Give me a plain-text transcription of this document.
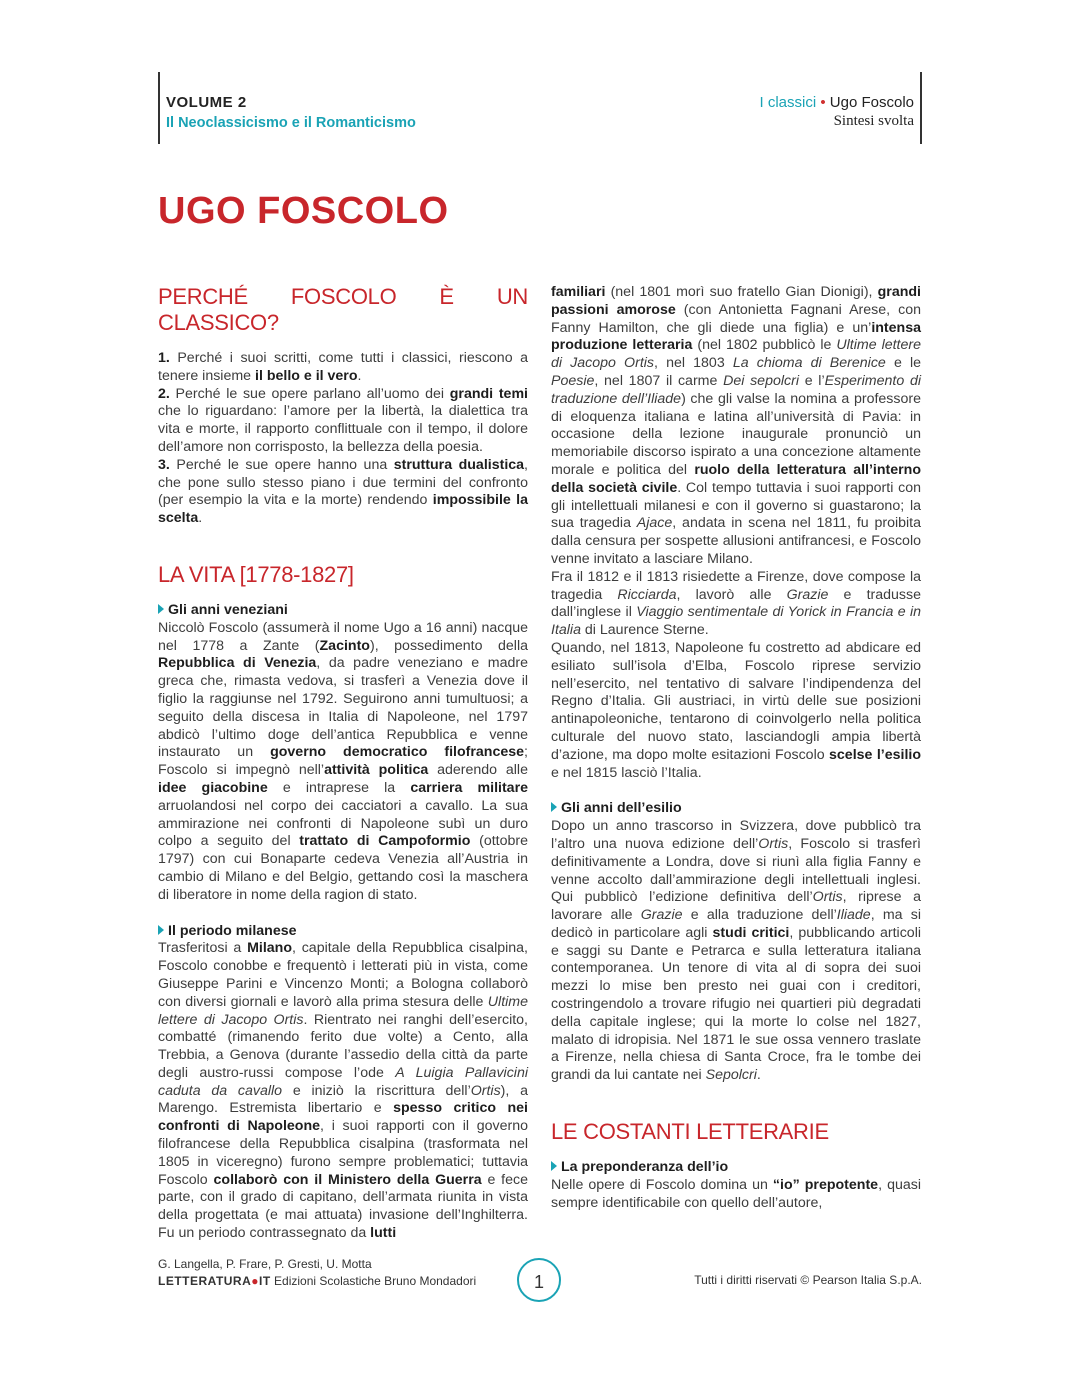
VOLUME 2
Il Neoclassicismo e il Romanticismo
I classici • Ugo Foscolo
Sintesi svolta
UGO FOSCOLO
PERCHÉ FOSCOLO È UN CLASSICO?

1. Perché i suoi scritti, come tutti i classici, riescono a tenere insieme il bello e il vero.

2. Perché le sue opere parlano all’uomo dei grandi temi che lo riguardano: l’amore per la libertà, la dialettica tra vita e morte, il rapporto conflittuale con il tempo, il dolore dell’amore non corrisposto, la bellezza della poesia.

3. Perché le sue opere hanno una struttura dualistica, che pone sullo stesso piano i due termini del confronto (per esempio la vita e la morte) rendendo impossibile la scelta.

LA VITA [1778-1827]

Gli anni veneziani

Niccolò Foscolo (assumerà il nome Ugo a 16 anni) nacque nel 1778 a Zante (Zacinto), possedimento della Repubblica di Venezia, da padre veneziano e madre greca che, rimasta vedova, si trasferì a Venezia dove il figlio la raggiunse nel 1792. Seguirono anni tumultuosi; a seguito della discesa in Italia di Napoleone, nel 1797 abdicò l’ultimo doge dell’antica Repubblica e venne instaurato un governo democratico filofrancese; Foscolo si impegnò nell’attività politica aderendo alle idee giacobine e intraprese la carriera militare arruolandosi nel corpo dei cacciatori a cavallo. La sua ammirazione nei confronti di Napoleone subì un duro colpo a seguito del trattato di Campoformio (ottobre 1797) con cui Bonaparte cedeva Venezia all’Austria in cambio di Milano e del Belgio, gettando così la maschera di liberatore in nome della ragion di stato.

Il periodo milanese

Trasferitosi a Milano, capitale della Repubblica cisalpina, Foscolo conobbe e frequentò i letterati più in vista, come Giuseppe Parini e Vincenzo Monti; a Bologna collaborò con diversi giornali e lavorò alla prima stesura delle Ultime lettere di Jacopo Ortis. Rientrato nei ranghi dell’esercito, combatté (rimanendo ferito due volte) a Cento, alla Trebbia, a Genova (durante l’assedio della città da parte degli austro-russi compose l’ode A Luigia Pallavicini caduta da cavallo e iniziò la riscrittura dell’Ortis), a Marengo. Estremista libertario e spesso critico nei confronti di Napoleone, i suoi rapporti con il governo filofrancese della Repubblica cisalpina (trasformata nel 1805 in viceregno) furono sempre problematici; tuttavia Foscolo collaborò con il Ministero della Guerra e fece parte, con il grado di capitano, dell’armata riunita in vista della progettata (e mai attuata) invasione dell’Inghilterra. Fu un periodo contrassegnato da lutti

familiari (nel 1801 morì suo fratello Gian Dionigi), grandi passioni amorose (con Antonietta Fagnani Arese, con Fanny Hamilton, che gli diede una figlia) e un’intensa produzione letteraria (nel 1802 pubblicò le Ultime lettere di Jacopo Ortis, nel 1803 La chioma di Berenice e le Poesie, nel 1807 il carme Dei sepolcri e l’Esperimento di traduzione dell’Iliade) che gli valse la nomina a professore di eloquenza italiana e latina all’università di Pavia: in occasione della lezione inaugurale pronunciò un memoriabile discorso ispirato a una concezione altamente morale e politica del ruolo della letteratura all’interno della società civile. Col tempo tuttavia i suoi rapporti con gli intellettuali milanesi e con il governo si guastarono; la sua tragedia Ajace, andata in scena nel 1811, fu proibita dalla censura per sospette allusioni antifrancesi, e Foscolo venne invitato a lasciare Milano.

Fra il 1812 e il 1813 risiedette a Firenze, dove compose la tragedia Ricciarda, lavorò alle Grazie e tradusse dall’inglese il Viaggio sentimentale di Yorick in Francia e in Italia di Laurence Sterne.

Quando, nel 1813, Napoleone fu costretto ad abdicare ed esiliato sull’isola d’Elba, Foscolo riprese servizio nell’esercito, nel tentativo di salvare l’indipendenza del Regno d’Italia. Gli austriaci, in virtù delle sue posizioni antinapoleoniche, tentarono di coinvolgerlo nella politica culturale del nuovo stato, lasciandogli ampia libertà d’azione, ma dopo molte esitazioni Foscolo scelse l’esilio e nel 1815 lasciò l’Italia.

Gli anni dell’esilio

Dopo un anno trascorso in Svizzera, dove pubblicò tra l’altro una nuova edizione dell’Ortis, Foscolo si trasferì definitivamente a Londra, dove si riunì alla figlia Fanny e venne accolto dall’ammirazione degli intellettuali inglesi. Qui pubblicò l’edizione definitiva dell’Ortis, riprese a lavorare alle Grazie e alla traduzione dell’Iliade, ma si dedicò in particolare agli studi critici, pubblicando articoli e saggi su Dante e Petrarca e sulla letteratura italiana contemporanea. Un tenore di vita al di sopra dei suoi mezzi lo mise ben presto nei guai con i creditori, costringendolo a trovare rifugio nei quartieri più degradati della capitale inglese; qui la morte lo colse nel 1827, malato di idropisia. Nel 1871 le sue ossa vennero traslate a Firenze, nella chiesa di Santa Croce, fra le tombe dei grandi da lui cantate nei Sepolcri.

LE COSTANTI LETTERARIE

La preponderanza dell’io

Nelle opere di Foscolo domina un “io” prepotente, quasi sempre identificabile con quello dell’autore,

G. Langella, P. Frare, P. Gresti, U. Motta
LETTERATURA●IT Edizioni Scolastiche Bruno Mondadori	1	Tutti i diritti riservati © Pearson Italia S.p.A.
